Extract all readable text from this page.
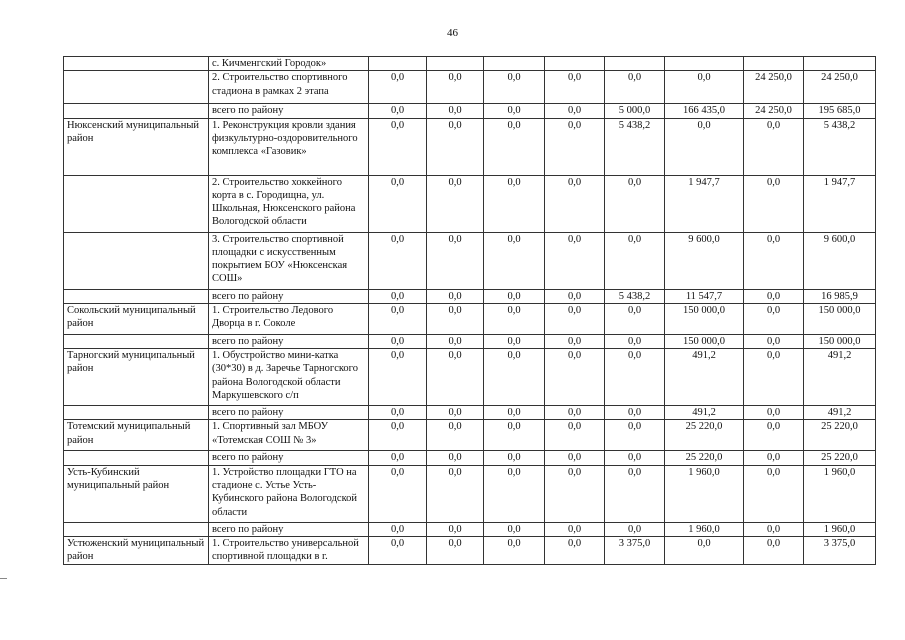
46
	с. Кичменгский Городок»								
	2. Строительство спортивного стадиона в рамках 2 этапа	0,0	0,0	0,0	0,0	0,0	0,0	24 250,0	24 250,0
	всего по району	0,0	0,0	0,0	0,0	5 000,0	166 435,0	24 250,0	195 685,0
Нюксенский муниципальный район	1. Реконструкция кровли здания физкультурно-оздоровительного комплекса «Газовик»	0,0	0,0	0,0	0,0	5 438,2	0,0	0,0	5 438,2
	2. Строительство хоккейного корта в с. Городищна, ул. Школьная, Нюксенского района Вологодской области	0,0	0,0	0,0	0,0	0,0	1 947,7	0,0	1 947,7
	3. Строительство спортивной площадки с искусственным покрытием БОУ «Нюксенская СОШ»	0,0	0,0	0,0	0,0	0,0	9 600,0	0,0	9 600,0
	всего по району	0,0	0,0	0,0	0,0	5 438,2	11 547,7	0,0	16 985,9
Сокольский муниципальный район	1. Строительство Ледового Дворца в г. Соколе	0,0	0,0	0,0	0,0	0,0	150 000,0	0,0	150 000,0
	всего по району	0,0	0,0	0,0	0,0	0,0	150 000,0	0,0	150 000,0
Тарногский муниципальный район	1. Обустройство мини-катка (30*30) в д. Заречье Тарногского района Вологодской области Маркушевского с/п	0,0	0,0	0,0	0,0	0,0	491,2	0,0	491,2
	всего по району	0,0	0,0	0,0	0,0	0,0	491,2	0,0	491,2
Тотемский муниципальный район	1. Спортивный зал МБОУ «Тотемская СОШ № 3»	0,0	0,0	0,0	0,0	0,0	25 220,0	0,0	25 220,0
	всего по району	0,0	0,0	0,0	0,0	0,0	25 220,0	0,0	25 220,0
Усть-Кубинский муниципальный район	1. Устройство площадки ГТО на стадионе с. Устье Усть-Кубинского района Вологодской области	0,0	0,0	0,0	0,0	0,0	1 960,0	0,0	1 960,0
	всего по району	0,0	0,0	0,0	0,0	0,0	1 960,0	0,0	1 960,0
Устюженский муниципальный район	1. Строительство универсальной спортивной площадки в г.	0,0	0,0	0,0	0,0	3 375,0	0,0	0,0	3 375,0
